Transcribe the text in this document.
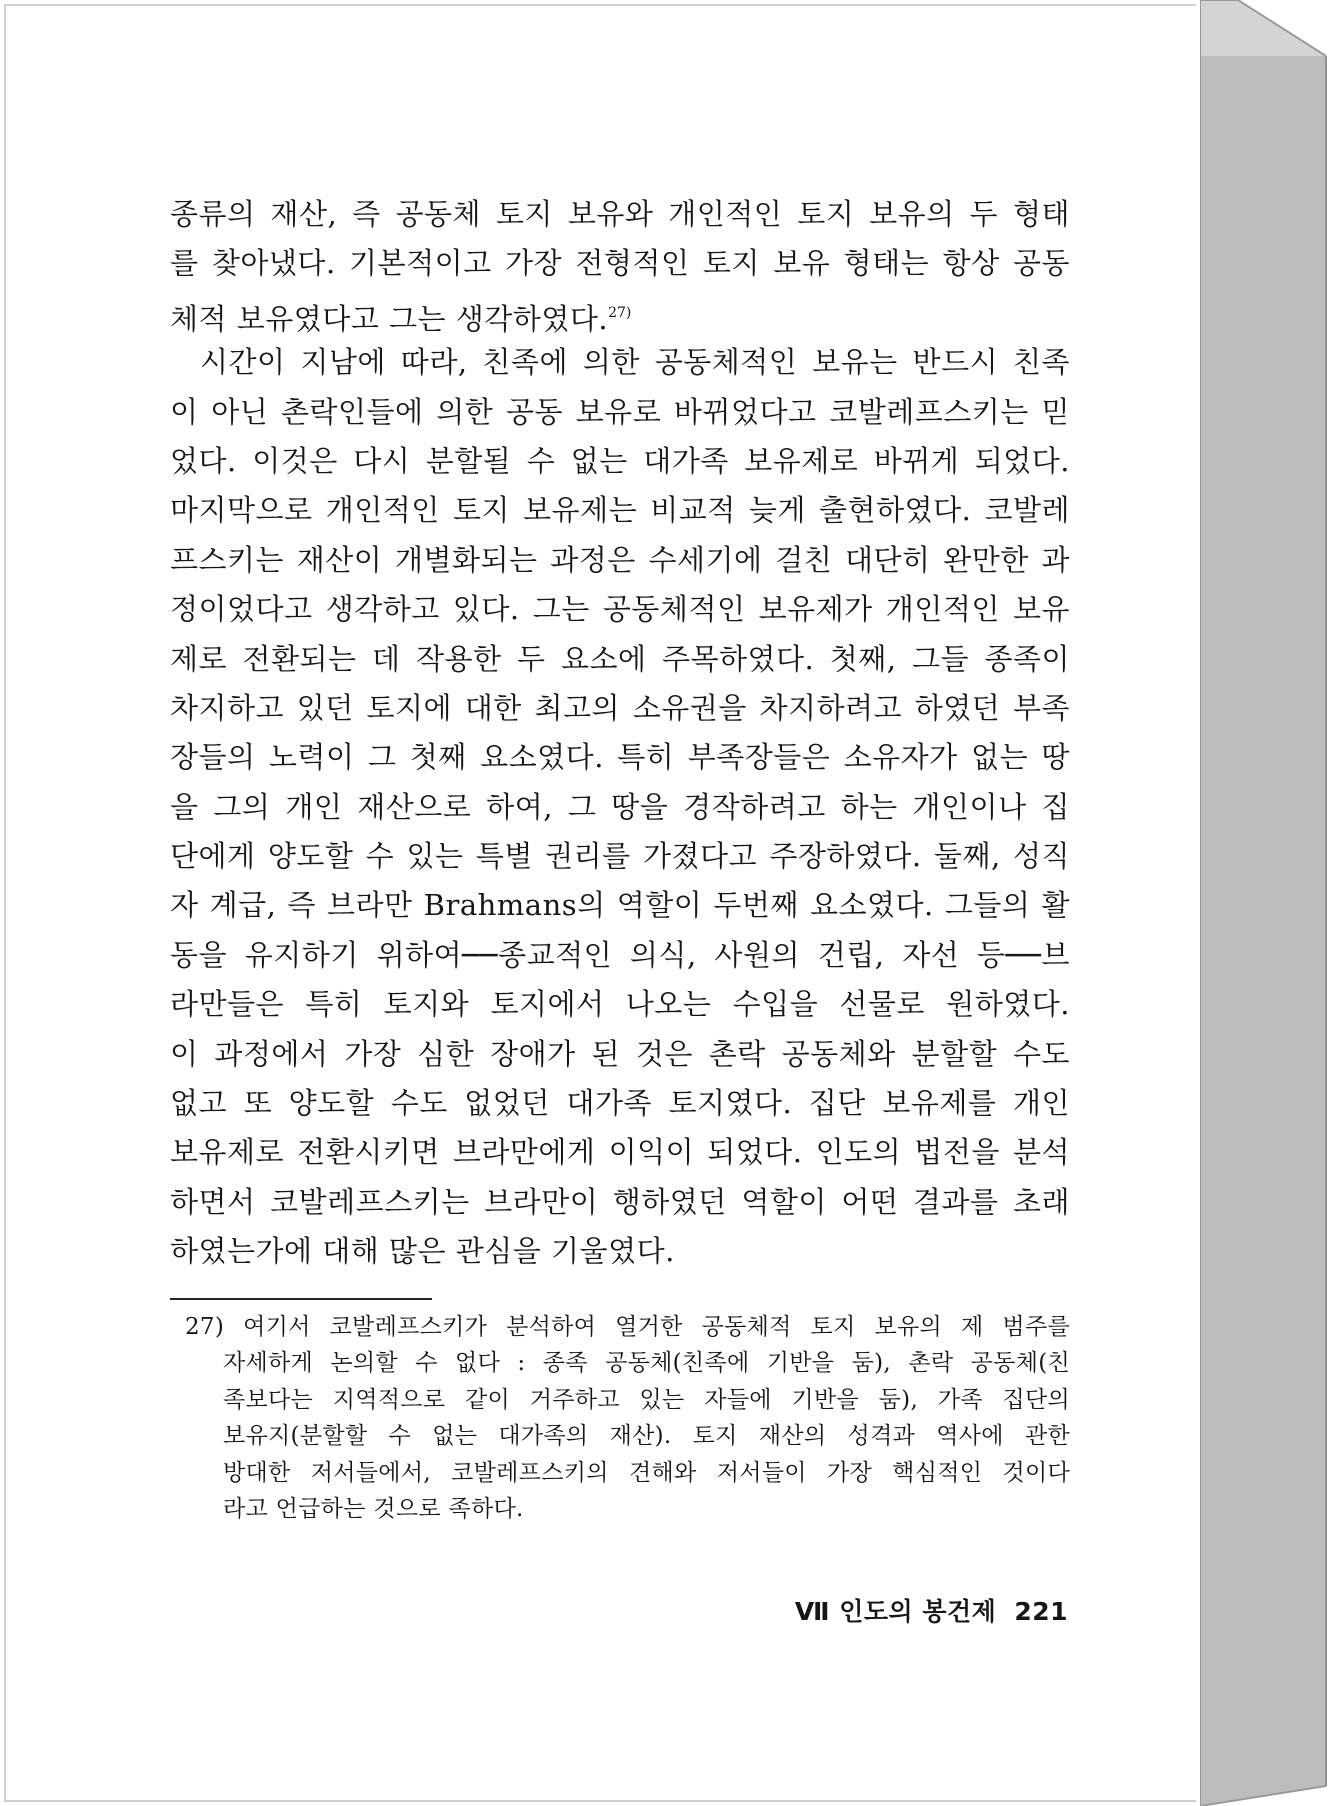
종류의 재산, 즉 공동체 토지 보유와 개인적인 토지 보유의 두 형태
를 찾아냈다. 기본적이고 가장 전형적인 토지 보유 형태는 항상 공동
체적 보유였다고 그는 생각하였다.$^{27)}$

시간이 지남에 따라, 친족에 의한 공동체적인 보유는 반드시 친족
이 아닌 촌락인들에 의한 공동 보유로 바뀌었다고 코발레프스키는 믿
었다. 이것은 다시 분할될 수 없는 대가족 보유제로 바뀌게 되었다.
마지막으로 개인적인 토지 보유제는 비교적 늦게 출현하였다. 코발레
프스키는 재산이 개별화되는 과정은 수세기에 걸친 대단히 완만한 과
정이었다고 생각하고 있다. 그는 공동체적인 보유제가 개인적인 보유
제로 전환되는 데 작용한 두 요소에 주목하였다. 첫째, 그들 종족이
차지하고 있던 토지에 대한 최고의 소유권을 차지하려고 하였던 부족
장들의 노력이 그 첫째 요소였다. 특히 부족장들은 소유자가 없는 땅
을 그의 개인 재산으로 하여, 그 땅을 경작하려고 하는 개인이나 집
단에게 양도할 수 있는 특별 권리를 가졌다고 주장하였다. 둘째, 성직
자 계급, 즉 브라만 Brahmans의 역할이 두번째 요소였다. 그들의 활
동을 유지하기 위하여──종교적인 의식, 사원의 건립, 자선 등──브
라만들은 특히 토지와 토지에서 나오는 수입을 선물로 원하였다.
이 과정에서 가장 심한 장애가 된 것은 촌락 공동체와 분할할 수도
없고 또 양도할 수도 없었던 대가족 토지였다. 집단 보유제를 개인
보유제로 전환시키면 브라만에게 이익이 되었다. 인도의 법전을 분석
하면서 코발레프스키는 브라만이 행하였던 역할이 어떤 결과를 초래
하였는가에 대해 많은 관심을 기울였다.

27) 여기서 코발레프스키가 분석하여 열거한 공동체적 토지 보유의 제 범주를
자세하게 논의할 수 없다 : 종족 공동체(친족에 기반을 둠), 촌락 공동체(친
족보다는 지역적으로 같이 거주하고 있는 자들에 기반을 둠), 가족 집단의
보유지(분할할 수 없는 대가족의 재산). 토지 재산의 성격과 역사에 관한
방대한 저서들에서, 코발레프스키의 견해와 저서들이 가장 핵심적인 것이다
라고 언급하는 것으로 족하다.
Ⅶ 인도의 봉건제 221
